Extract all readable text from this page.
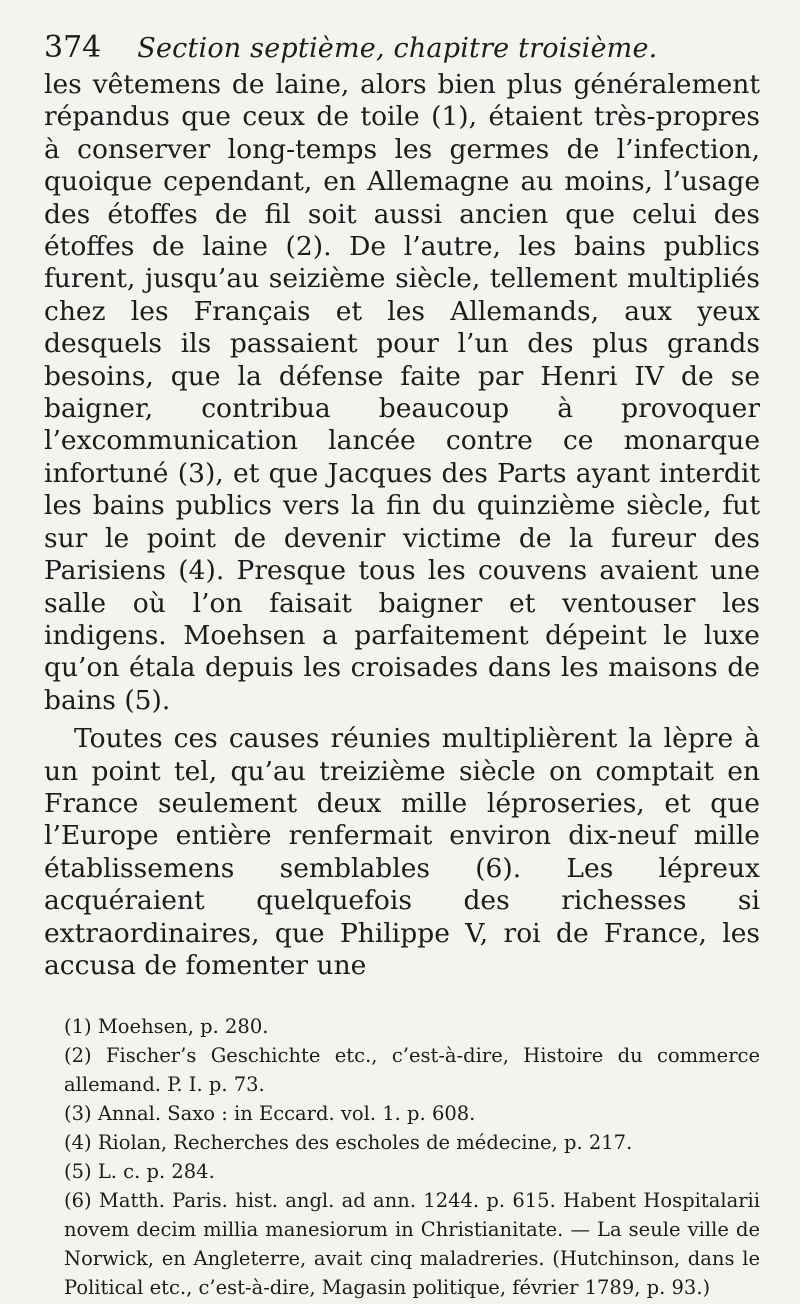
374 Section septième, chapitre troisième.

les vêtemens de laine, alors bien plus généralement répandus que ceux de toile (1), étaient très-propres à conserver long-temps les germes de l’infection, quoique cependant, en Allemagne au moins, l’usage des étoffes de fil soit aussi ancien que celui des étoffes de laine (2). De l’autre, les bains publics furent, jusqu’au seizième siècle, tellement multipliés chez les Français et les Allemands, aux yeux desquels ils passaient pour l’un des plus grands besoins, que la défense faite par Henri IV de se baigner, contribua beaucoup à provoquer l’excommunication lancée contre ce monarque infortuné (3), et que Jacques des Parts ayant interdit les bains publics vers la fin du quinzième siècle, fut sur le point de devenir victime de la fureur des Parisiens (4). Presque tous les couvens avaient une salle où l’on faisait baigner et ventouser les indigens. Moehsen a parfaitement dépeint le luxe qu’on étala depuis les croisades dans les maisons de bains (5).

Toutes ces causes réunies multiplièrent la lèpre à un point tel, qu’au treizième siècle on comptait en France seulement deux mille léproseries, et que l’Europe entière renfermait environ dix-neuf mille établissemens semblables (6). Les lépreux acquéraient quelquefois des richesses si extraordinaires, que Philippe V, roi de France, les accusa de fomenter une

(1) Moehsen, p. 280.

(2) Fischer’s Geschichte etc., c’est-à-dire, Histoire du commerce allemand. P. I. p. 73.

(3) Annal. Saxo : in Eccard. vol. 1. p. 608.

(4) Riolan, Recherches des escholes de médecine, p. 217.

(5) L. c. p. 284.

(6) Matth. Paris. hist. angl. ad ann. 1244. p. 615. Habent Hospitalarii novem decim millia manesiorum in Christianitate. — La seule ville de Norwick, en Angleterre, avait cinq maladreries. (Hutchinson, dans le Political etc., c’est-à-dire, Magasin politique, février 1789, p. 93.)
